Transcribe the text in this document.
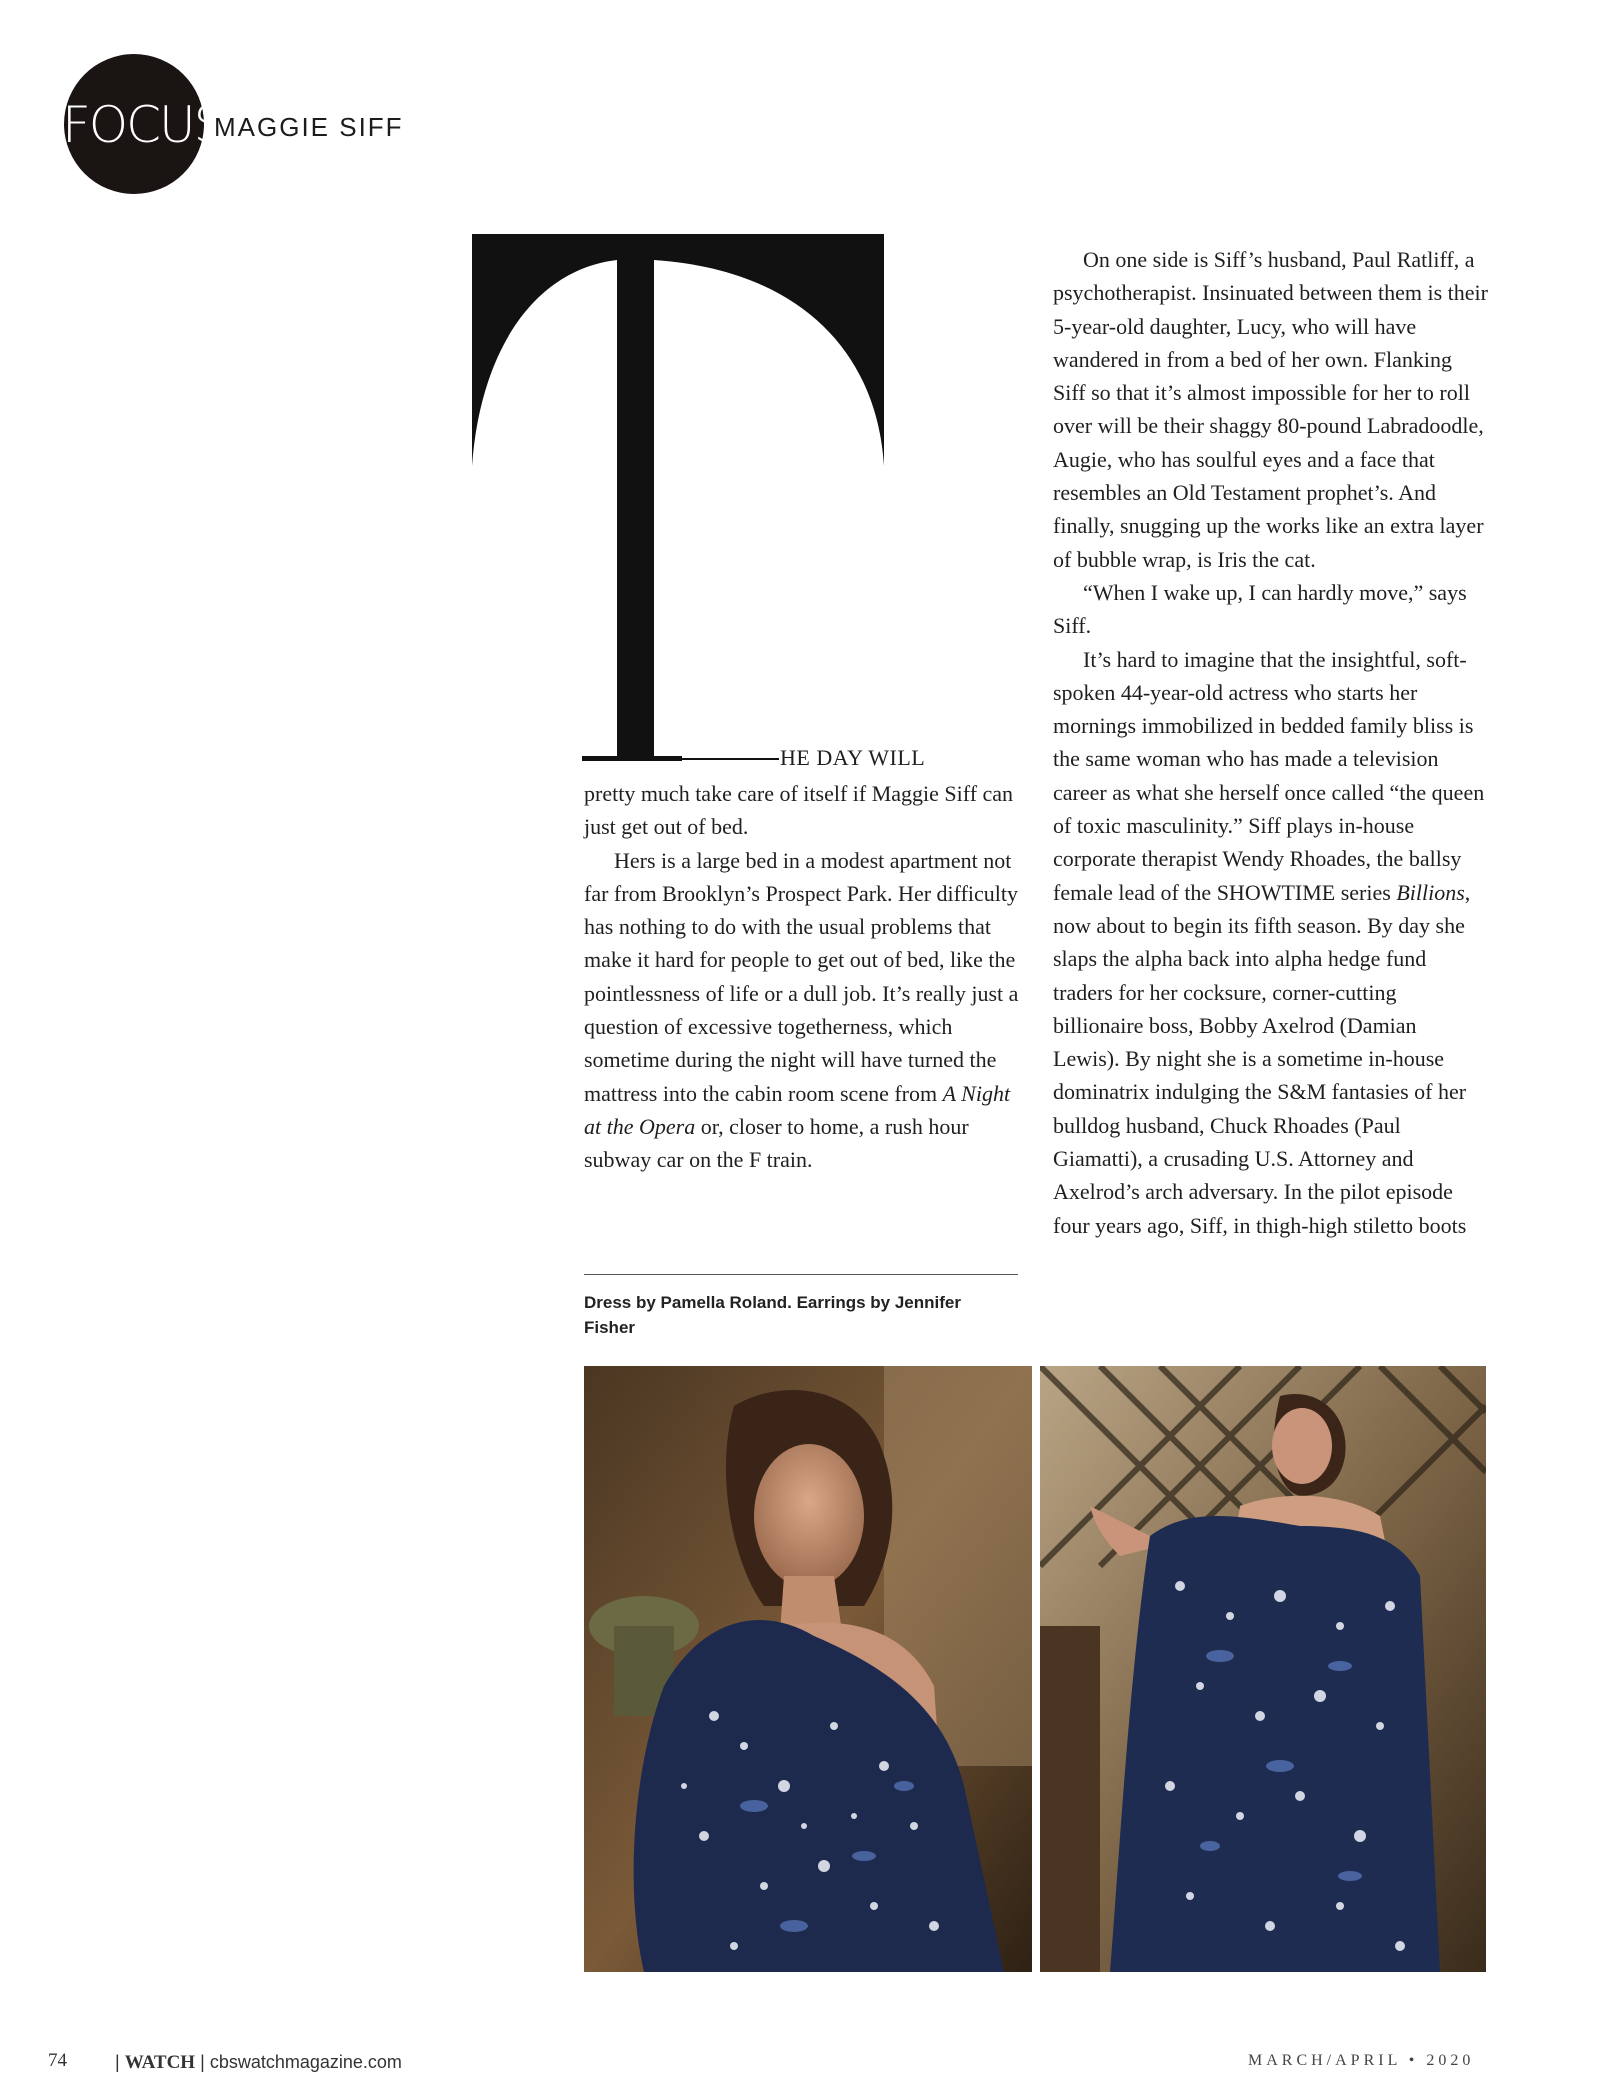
FOCUS
MAGGIE SIFF
HE DAY WILL

pretty much take care of itself if Maggie Siff can just get out of bed.

Hers is a large bed in a modest apartment not far from Brooklyn’s Prospect Park. Her difficulty has nothing to do with the usual problems that make it hard for people to get out of bed, like the pointlessness of life or a dull job. It’s really just a question of excessive togetherness, which sometime during the night will have turned the mattress into the cabin room scene from A Night at the Opera or, closer to home, a rush hour subway car on the F train.

Dress by Pamella Roland. Earrings by Jennifer Fisher

On one side is Siff’s husband, Paul Ratliff, a psychotherapist. Insinuated between them is their 5-year-old daughter, Lucy, who will have wandered in from a bed of her own. Flanking Siff so that it’s almost impossible for her to roll over will be their shaggy 80-pound Labradoodle, Augie, who has soulful eyes and a face that resembles an Old Testament prophet’s. And finally, snugging up the works like an extra layer of bubble wrap, is Iris the cat.

“When I wake up, I can hardly move,” says Siff.

It’s hard to imagine that the insightful, soft-spoken 44-year-old actress who starts her mornings immobilized in bedded family bliss is the same woman who has made a television career as what she herself once called “the queen of toxic masculinity.” Siff plays in-house corporate therapist Wendy Rhoades, the ballsy female lead of the SHOWTIME series Billions, now about to begin its fifth season. By day she slaps the alpha back into alpha hedge fund traders for her cocksure, corner-cutting billionaire boss, Bobby Axelrod (Damian Lewis). By night she is a sometime in-house dominatrix indulging the S&M fantasies of her bulldog husband, Chuck Rhoades (Paul Giamatti), a crusading U.S. Attorney and Axelrod’s arch adversary. In the pilot episode four years ago, Siff, in thigh-high stiletto boots

74	| WATCH | cbswatchmagazine.com	MARCH/APRIL • 2020
